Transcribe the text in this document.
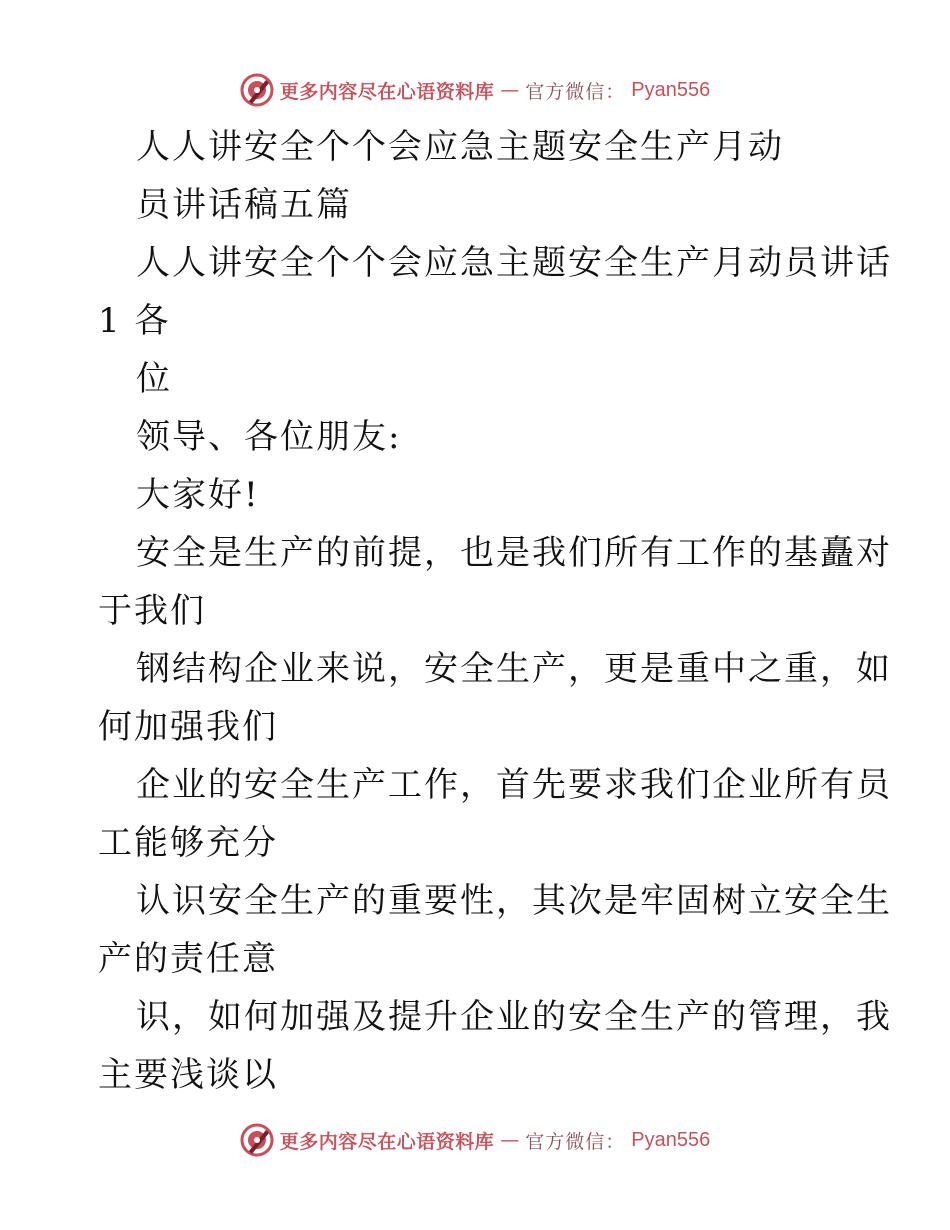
更多内容尽在心语资料库 — 官方微信： Pyan556
人人讲安全个个会应急主题安全生产月动
员讲话稿五篇
人人讲安全个个会应急主题安全生产月动员讲话
1 各
位
领导、各位朋友:
大家好!
安全是生产的前提，也是我们所有工作的基矗对
于我们
钢结构企业来说，安全生产，更是重中之重，如
何加强我们
企业的安全生产工作，首先要求我们企业所有员
工能够充分
认识安全生产的重要性，其次是牢固树立安全生
产的责任意
识，如何加强及提升企业的安全生产的管理，我
主要浅谈以
更多内容尽在心语资料库 — 官方微信： Pyan556
